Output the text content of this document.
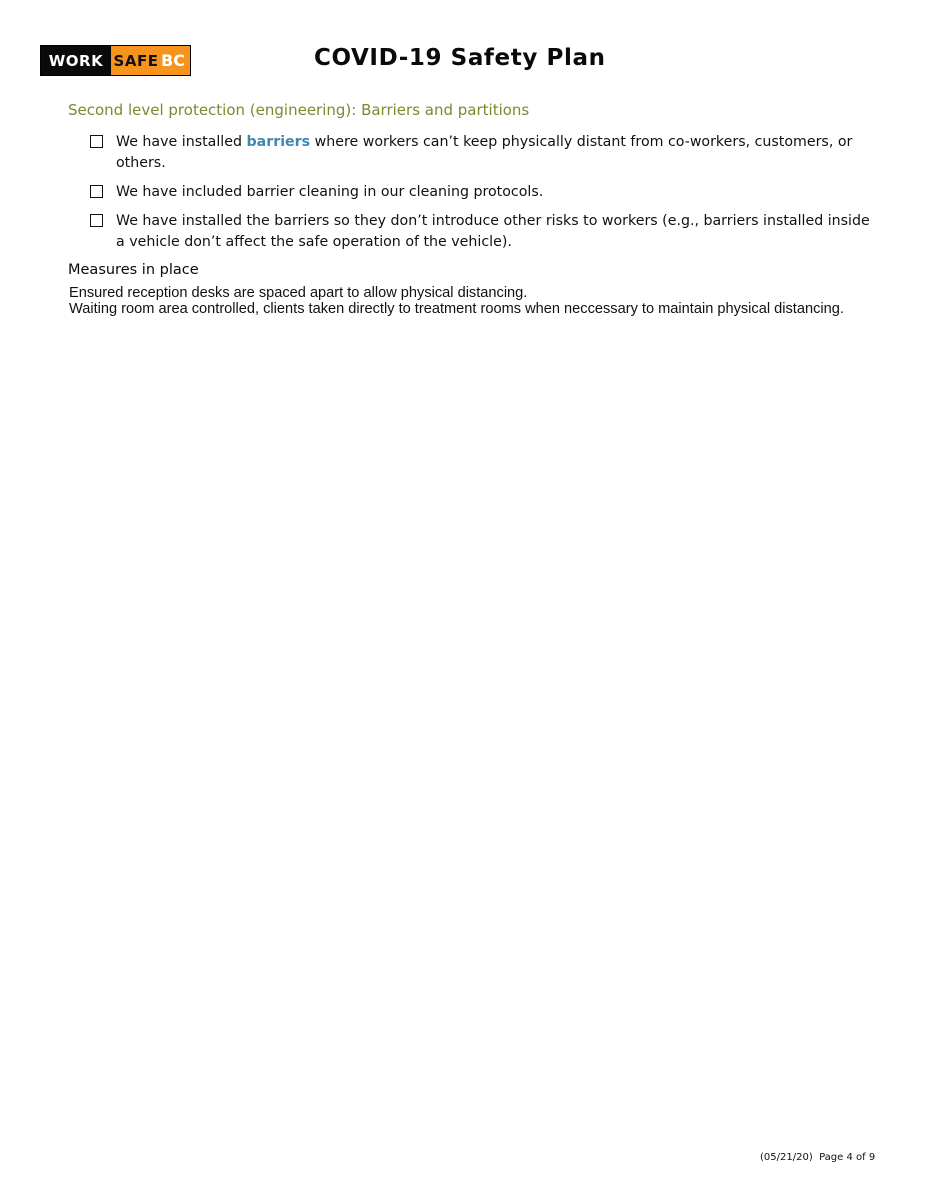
WORK SAFE BC	COVID-19 Safety Plan
Second level protection (engineering): Barriers and partitions
We have installed barriers where workers can’t keep physically distant from co-workers, customers, or others.
We have included barrier cleaning in our cleaning protocols.
We have installed the barriers so they don’t introduce other risks to workers (e.g., barriers installed inside a vehicle don’t affect the safe operation of the vehicle).
Measures in place
Ensured reception desks are spaced apart to allow physical distancing.
Waiting room area controlled, clients taken directly to treatment rooms when neccessary to maintain physical distancing.
(05/21/20) Page 4 of 9
